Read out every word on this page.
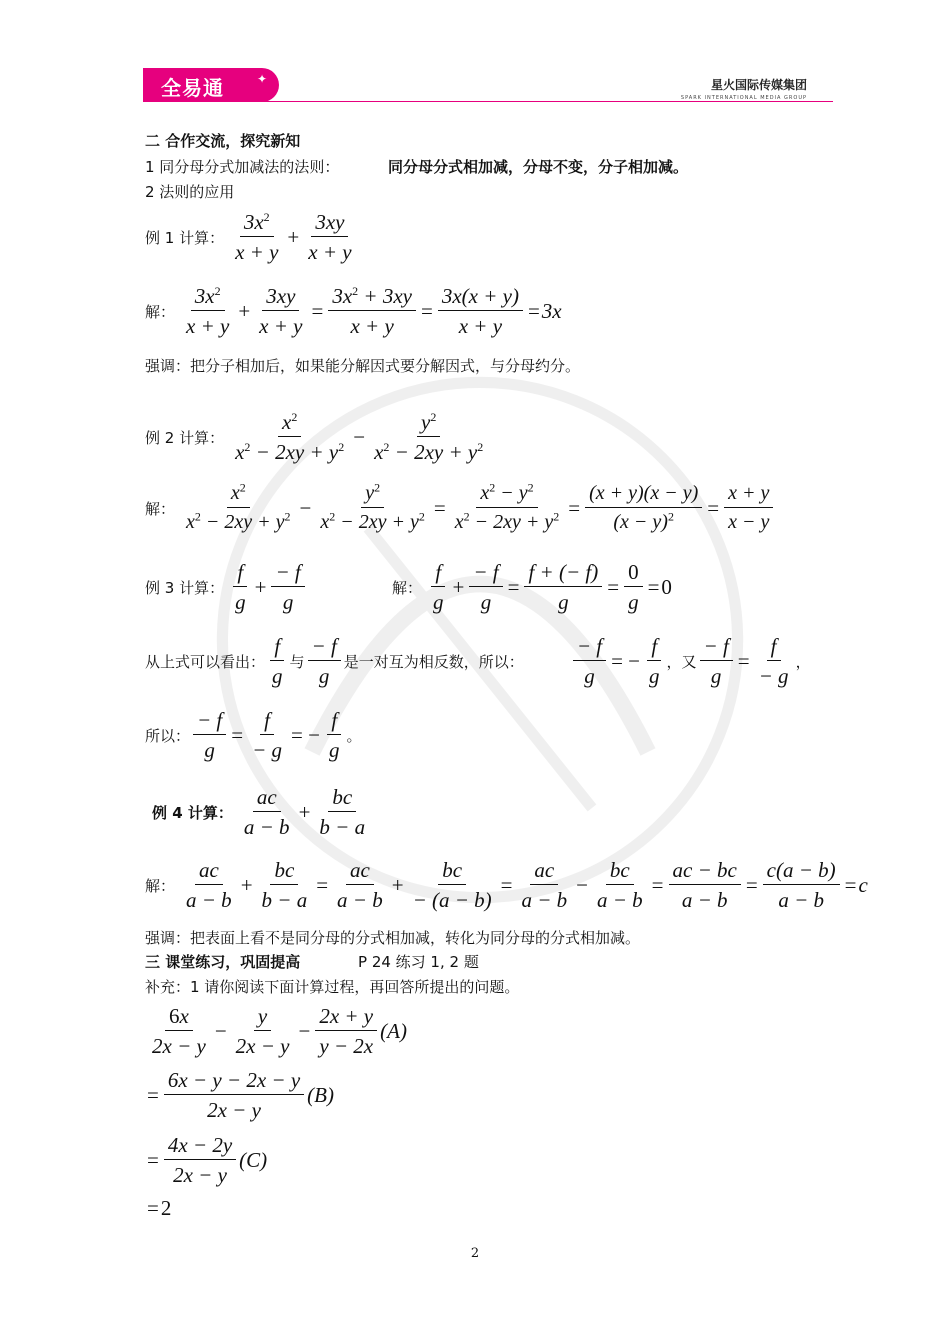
全易通	✦	星火国际传媒集团
SPARK INTERNATIONAL MEDIA GROUP
二 合作交流，探究新知
1 同分母分式加减法的法则：	同分母分式相加减，分母不变，分子相加减。
2 法则的应用
例 1 计算： $\frac{3x^2}{x + y} + \frac{3xy}{x + y}$
解： $\frac{3x^2}{x + y} + \frac{3xy}{x + y} = \frac{3x^2 + 3xy}{x + y} = \frac{3x(x + y)}{x + y} = 3x$
强调：把分子相加后，如果能分解因式要分解因式，与分母约分。
例 2 计算： $\frac{x^2}{x^2 - 2xy + y^2} - \frac{y^2}{x^2 - 2xy + y^2}$
解： $\frac{x^2}{x^2 - 2xy + y^2} - \frac{y^2}{x^2 - 2xy + y^2} = \frac{x^2 - y^2}{x^2 - 2xy + y^2} = \frac{(x + y)(x - y)}{(x - y)^2} = \frac{x + y}{x - y}$
例 3 计算： $\frac{f}{g} + \frac{- f}{g}$	解： $\frac{f}{g} + \frac{- f}{g} = \frac{f + (- f)}{g} = \frac{0}{g} = 0$
从上式可以看出： $\frac{f}{g}$ 与 $\frac{- f}{g}$ 是一对互为相反数，所以： $\frac{- f}{g}$ = − $\frac{f}{g}$ ，又 $\frac{- f}{g} = \frac{f}{- g}$ ，
所以： $\frac{- f}{g} = \frac{f}{- g}$ = − $\frac{f}{g}$ 。
例 4 计算： $\frac{ac}{a - b} + \frac{bc}{b - a}$
解： $\frac{ac}{a - b} + \frac{bc}{b - a} = \frac{ac}{a - b} + \frac{bc}{- (a - b)} = \frac{ac}{a - b} - \frac{bc}{a - b} = \frac{ac - bc}{a - b} = \frac{c(a - b)}{a - b} = c$
强调：把表面上看不是同分母的分式相加减，转化为同分母的分式相加减。
三 课堂练习，巩固提高	P 24 练习 1, 2 题
补充：1 请你阅读下面计算过程，再回答所提出的问题。
$\frac{6x}{2x - y} - \frac{y}{2x - y} - \frac{2x + y}{y - 2x} (A)$
= $\frac{6x - y - 2x - y}{2x - y} (B)$
= $\frac{4x - 2y}{2x - y} (C)$
= 2
2
